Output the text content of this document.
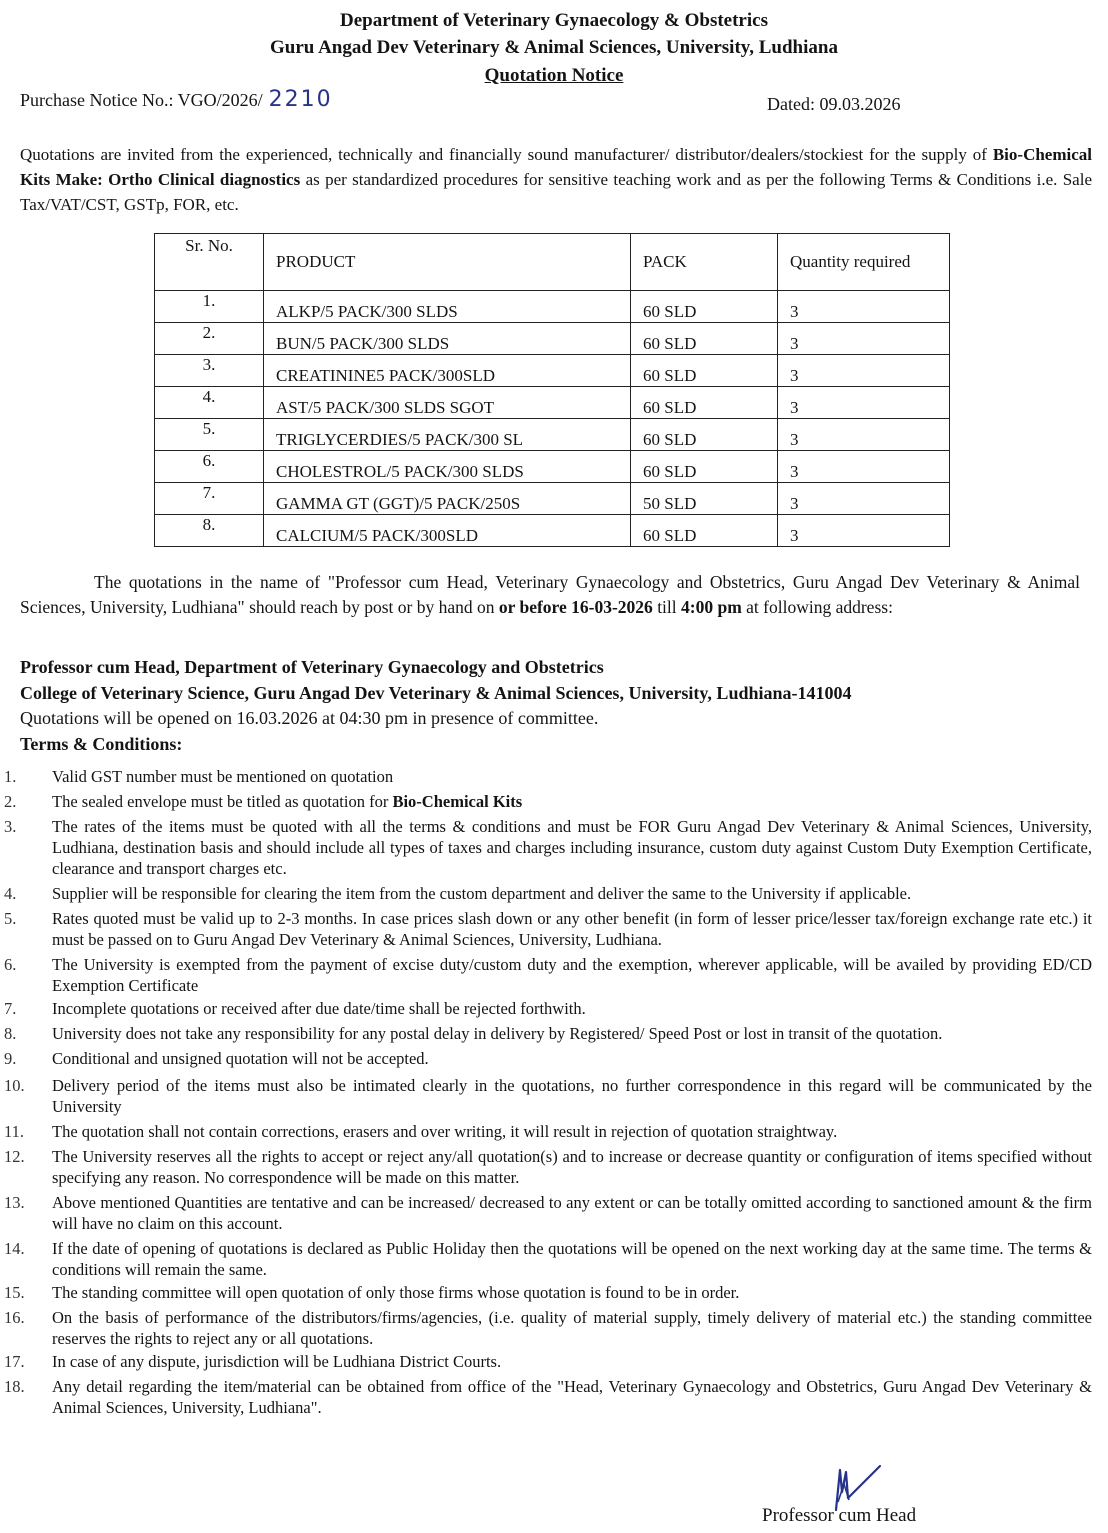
Department of Veterinary Gynaecology & Obstetrics
Guru Angad Dev Veterinary & Animal Sciences, University, Ludhiana
Quotation Notice
Purchase Notice No.: VGO/2026/ 2210	Dated: 09.03.2026
Quotations are invited from the experienced, technically and financially sound manufacturer/ distributor/dealers/stockiest for the supply of Bio-Chemical Kits Make: Ortho Clinical diagnostics as per standardized procedures for sensitive teaching work and as per the following Terms & Conditions i.e. Sale Tax/VAT/CST, GSTp, FOR, etc.
Sr. No.	PRODUCT	PACK	Quantity required
1.	ALKP/5 PACK/300 SLDS	60 SLD	3
2.	BUN/5 PACK/300 SLDS	60 SLD	3
3.	CREATININE5 PACK/300SLD	60 SLD	3
4.	AST/5 PACK/300 SLDS SGOT	60 SLD	3
5.	TRIGLYCERDIES/5 PACK/300 SL	60 SLD	3
6.	CHOLESTROL/5 PACK/300 SLDS	60 SLD	3
7.	GAMMA GT (GGT)/5 PACK/250S	50 SLD	3
8.	CALCIUM/5 PACK/300SLD	60 SLD	3
The quotations in the name of "Professor cum Head, Veterinary Gynaecology and Obstetrics, Guru Angad Dev Veterinary & Animal Sciences, University, Ludhiana" should reach by post or by hand on or before 16-03-2026 till 4:00 pm at following address:
Professor cum Head, Department of Veterinary Gynaecology and Obstetrics
College of Veterinary Science, Guru Angad Dev Veterinary & Animal Sciences, University, Ludhiana-141004
Quotations will be opened on 16.03.2026 at 04:30 pm in presence of committee.
Terms & Conditions:
1.	Valid GST number must be mentioned on quotation
2.	The sealed envelope must be titled as quotation for Bio-Chemical Kits
3.	The rates of the items must be quoted with all the terms & conditions and must be FOR Guru Angad Dev Veterinary & Animal Sciences, University, Ludhiana, destination basis and should include all types of taxes and charges including insurance, custom duty against Custom Duty Exemption Certificate, clearance and transport charges etc.
4.	Supplier will be responsible for clearing the item from the custom department and deliver the same to the University if applicable.
5.	Rates quoted must be valid up to 2-3 months. In case prices slash down or any other benefit (in form of lesser price/lesser tax/foreign exchange rate etc.) it must be passed on to Guru Angad Dev Veterinary & Animal Sciences, University, Ludhiana.
6.	The University is exempted from the payment of excise duty/custom duty and the exemption, wherever applicable, will be availed by providing ED/CD Exemption Certificate
7.	Incomplete quotations or received after due date/time shall be rejected forthwith.
8.	University does not take any responsibility for any postal delay in delivery by Registered/ Speed Post or lost in transit of the quotation.
9.	Conditional and unsigned quotation will not be accepted.
10.	Delivery period of the items must also be intimated clearly in the quotations, no further correspondence in this regard will be communicated by the University
11.	The quotation shall not contain corrections, erasers and over writing, it will result in rejection of quotation straightway.
12.	The University reserves all the rights to accept or reject any/all quotation(s) and to increase or decrease quantity or configuration of items specified without specifying any reason. No correspondence will be made on this matter.
13.	Above mentioned Quantities are tentative and can be increased/ decreased to any extent or can be totally omitted according to sanctioned amount & the firm will have no claim on this account.
14.	If the date of opening of quotations is declared as Public Holiday then the quotations will be opened on the next working day at the same time. The terms & conditions will remain the same.
15.	The standing committee will open quotation of only those firms whose quotation is found to be in order.
16.	On the basis of performance of the distributors/firms/agencies, (i.e. quality of material supply, timely delivery of material etc.) the standing committee reserves the rights to reject any or all quotations.
17.	In case of any dispute, jurisdiction will be Ludhiana District Courts.
18.	Any detail regarding the item/material can be obtained from office of the "Head, Veterinary Gynaecology and Obstetrics, Guru Angad Dev Veterinary & Animal Sciences, University, Ludhiana".
Professor cum Head
